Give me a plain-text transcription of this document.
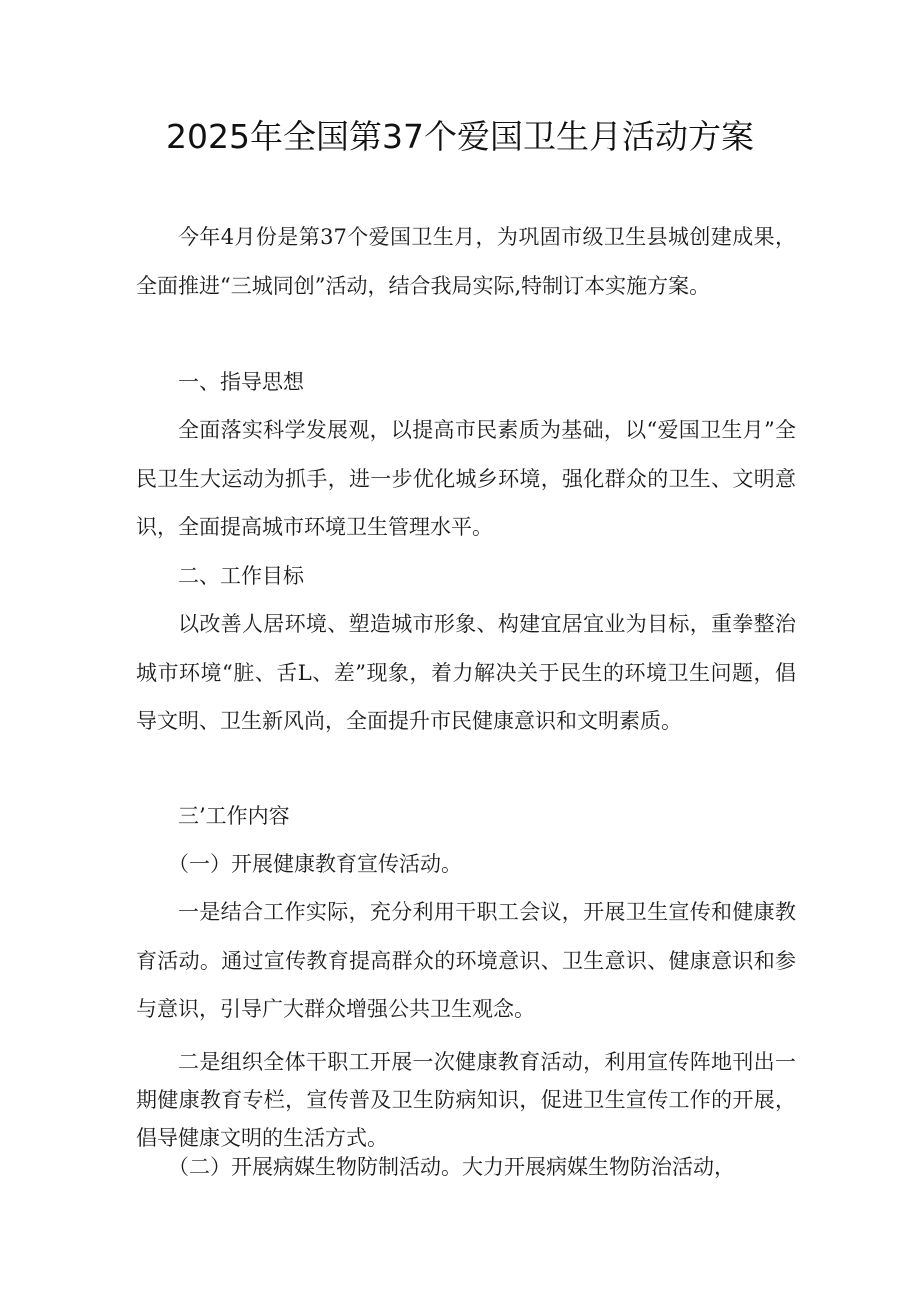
2025年全国第37个爱国卫生月活动方案

今年4月份是第37个爱国卫生月，为巩固市级卫生县城创建成果，全面推进“三城同创”活动，结合我局实际,特制订本实施方案。

一、指导思想

全面落实科学发展观，以提高市民素质为基础，以“爱国卫生月”全民卫生大运动为抓手，进一步优化城乡环境，强化群众的卫生、文明意识，全面提高城市环境卫生管理水平。

二、工作目标

以改善人居环境、塑造城市形象、构建宜居宜业为目标，重拳整治城市环境“脏、舌L、差”现象，着力解决关于民生的环境卫生问题，倡导文明、卫生新风尚，全面提升市民健康意识和文明素质。

三’工作内容

（一）开展健康教育宣传活动。

一是结合工作实际，充分利用干职工会议，开展卫生宣传和健康教育活动。通过宣传教育提高群众的环境意识、卫生意识、健康意识和参与意识，引导广大群众增强公共卫生观念。

二是组织全体干职工开展一次健康教育活动，利用宣传阵地刊出一期健康教育专栏，宣传普及卫生防病知识，促进卫生宣传工作的开展，倡导健康文明的生活方式。

（二）开展病媒生物防制活动。大力开展病媒生物防治活动，
